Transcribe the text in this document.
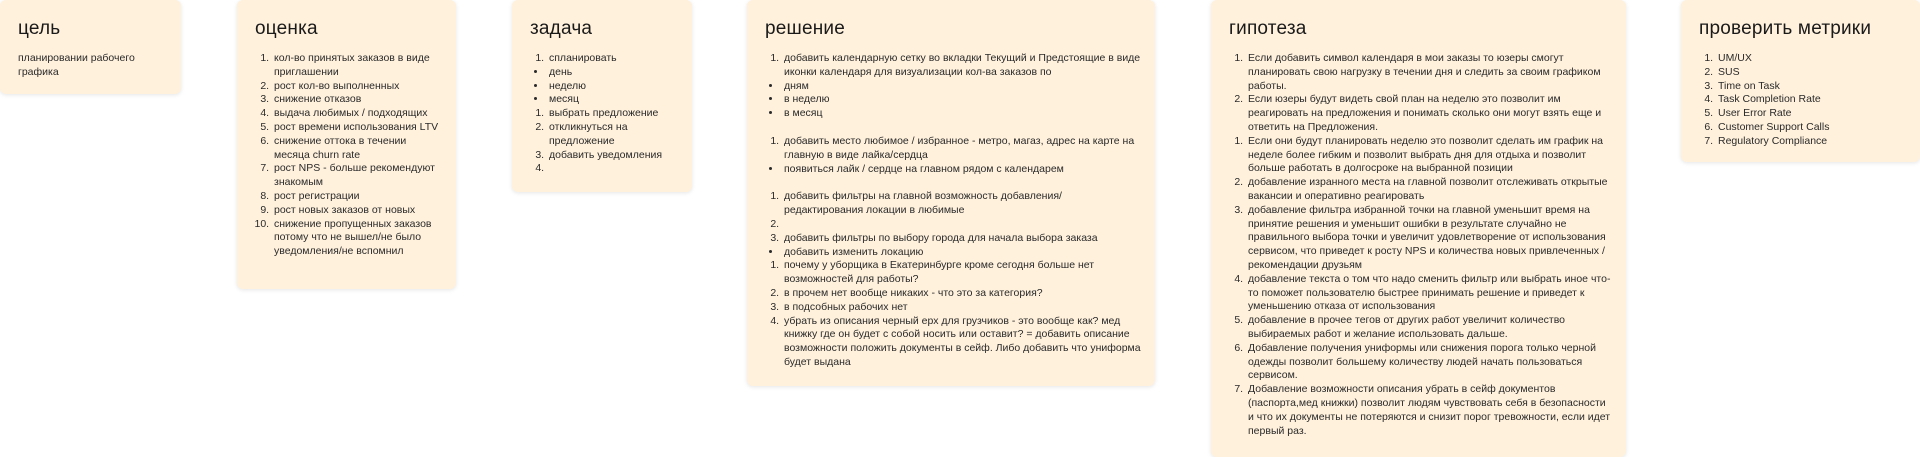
цель

планировании рабочего графика

оценка
1. кол-во принятых заказов в виде приглашении
2. рост кол-во выполненных
3. снижение отказов
4. выдача любимых / подходящих
5. рост времени использования LTV
6. снижение оттока в течении месяца churn rate
7. рост NPS - больше рекомендуют знакомым
8. рост регистрации
9. рост новых заказов от новых
10. снижение пропущенных заказов потому что не вышел/не было уведомления/не вспомнил
задача
1. спланировать
• день
• неделю
• месяц
1. выбрать предложение
2. откликнуться на предложение
3. добавить уведомления
4.
решение
1. добавить календарную сетку во вкладки Текущий и Предстоящие в виде иконки календаря для визуализации кол-ва заказов по
• дням
• в неделю
• в месяц
1. добавить место любимое / избранное - метро, магаз, адрес на карте на главную в виде лайка/сердца
• появиться лайк / сердце на главном рядом с календарем
1. добавить фильтры на главной возможность добавления/ редактирования локации в любимые
2.
3. добавить фильтры по выбору города для начала выбора заказа
• добавить изменить локацию
1. почему у уборщика в Екатеринбурге кроме сегодня больше нет возможностей для работы?
2. в прочем нет вообще никаких - что это за категория?
3. в подсобных рабочих нет
4. убрать из описания черный ерх для грузчиков - это вообще как? мед книжку где он будет с собой носить или оставит? = добавить описание возможности положить документы в сейф. Либо добавить что униформа будет выдана
гипотеза
1. Если добавить символ календаря в мои заказы то юзеры смогут планировать свою нагрузку в течении дня и следить за своим графиком работы.
2. Если юзеры будут видеть свой план на неделю это позволит им реагировать на предложения и понимать сколько они могут взять еще и ответить на Предложения.
1. Если они будут планировать неделю это позволит сделать им график на неделе более гибким и позволит выбрать дня для отдыха и позволит больше работать в долгосроке на выбранной позиции
2. добавление изранного места на главной позволит отслеживать открытые вакансии и оперативно реагировать
3. добавление фильтра избранной точки на главной уменьшит время на принятие решения и уменьшит ошибки в результате случайно не правильного выбора точки и увеличит удовлетворение от использования сервисом, что приведет к росту NPS и количества новых привлеченных / рекомендации друзьям
4. добавление текста о том что надо сменить фильтр или выбрать иное что-то поможет пользователю быстрее принимать решение и приведет к уменьшению отказа от использования
5. добавление в прочее тегов от других работ увеличит количество выбираемых работ и желание использовать дальше.
6. Добавление получения униформы или снижения порога только черной одежды позволит большему количеству людей начать пользоваться сервисом.
7. Добавление возможности описания убрать в сейф документов (паспорта,мед книжки) позволит людям чувствовать себя в безопасности и что их документы не потеряются и снизит порог тревожности, если идет первый раз.
проверить метрики
1. UM/UX
2. SUS
3. Time on Task
4. Task Completion Rate
5. User Error Rate
6. Customer Support Calls
7. Regulatory Compliance
